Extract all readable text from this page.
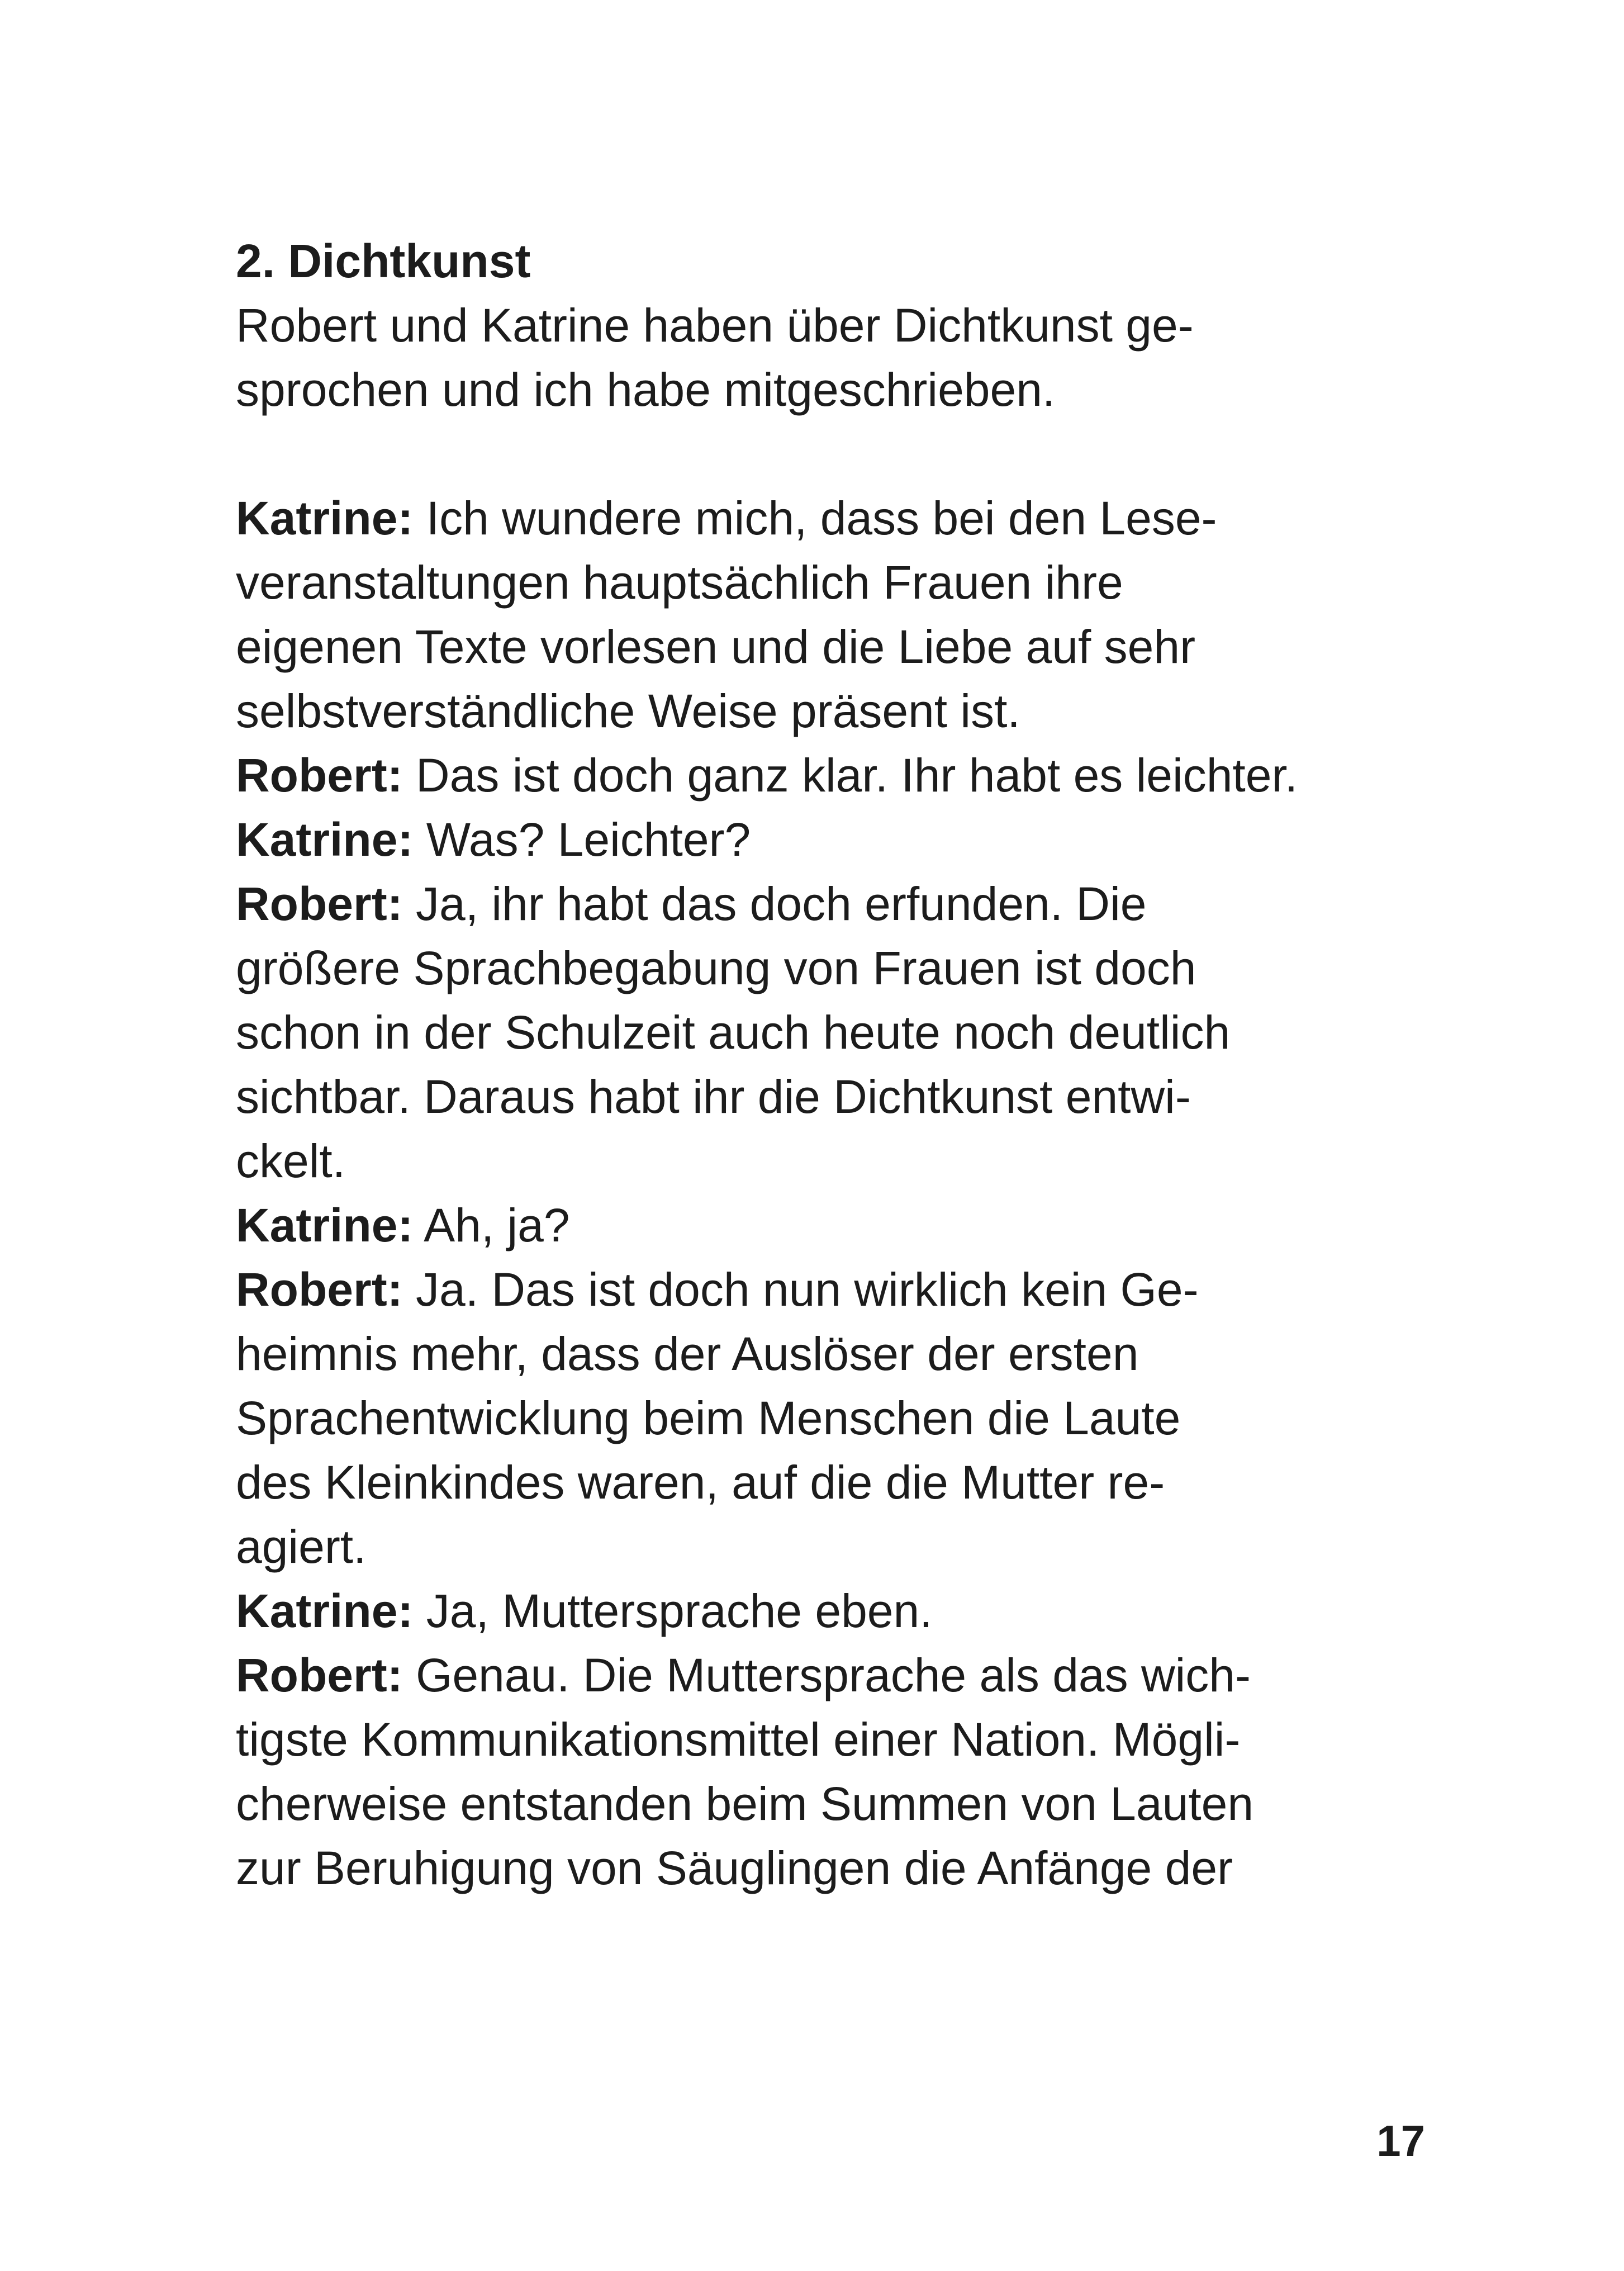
2. Dichtkunst
Robert und Katrine haben über Dichtkunst ge-
sprochen und ich habe mitgeschrieben.
Katrine: Ich wundere mich, dass bei den Lese-
veranstaltungen hauptsächlich Frauen ihre
eigenen Texte vorlesen und die Liebe auf sehr
selbstverständliche Weise präsent ist.
Robert: Das ist doch ganz klar. Ihr habt es leichter.
Katrine: Was? Leichter?
Robert: Ja, ihr habt das doch erfunden. Die
größere Sprachbegabung von Frauen ist doch
schon in der Schulzeit auch heute noch deutlich
sichtbar. Daraus habt ihr die Dichtkunst entwi-
ckelt.
Katrine: Ah, ja?
Robert: Ja. Das ist doch nun wirklich kein Ge-
heimnis mehr, dass der Auslöser der ersten
Sprachentwicklung beim Menschen die Laute
des Kleinkindes waren, auf die die Mutter re-
agiert.
Katrine: Ja, Muttersprache eben.
Robert: Genau. Die Muttersprache als das wich-
tigste Kommunikationsmittel einer Nation. Mögli-
cherweise entstanden beim Summen von Lauten
zur Beruhigung von Säuglingen die Anfänge der
17
